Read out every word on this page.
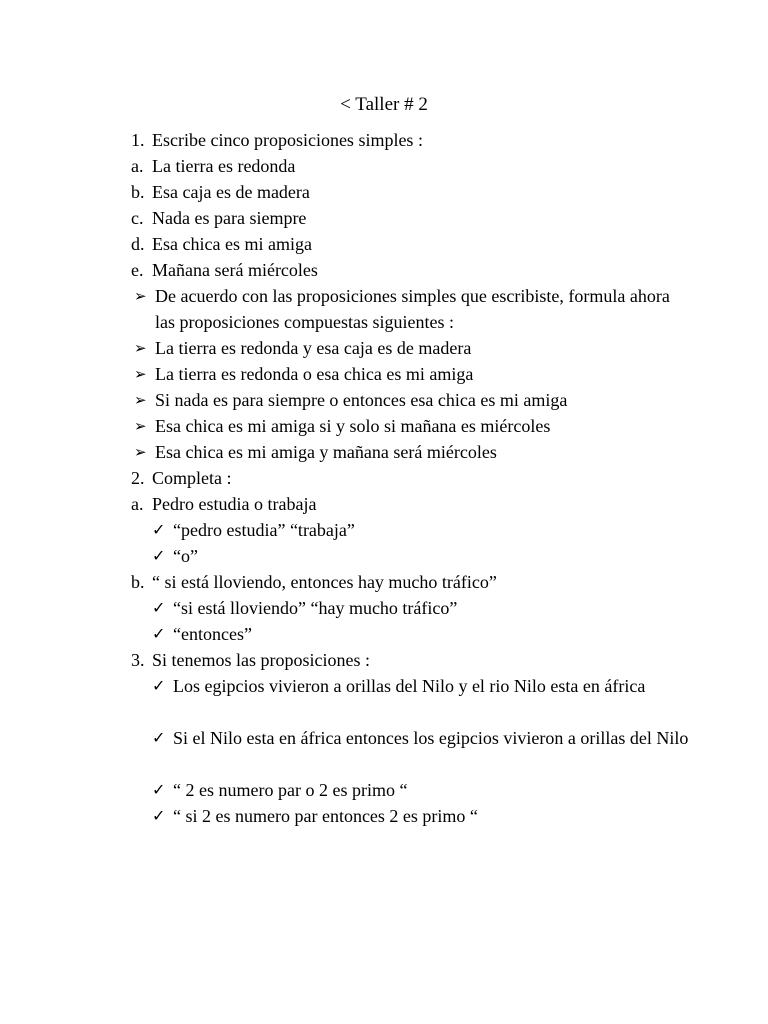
< Taller # 2
1. Escribe cinco proposiciones simples :
a. La tierra es redonda
b. Esa caja es de madera
c. Nada es para siempre
d. Esa chica es mi amiga
e. Mañana será miércoles
➢ De acuerdo con las proposiciones simples que escribiste, formula ahora las proposiciones compuestas siguientes :
➢ La tierra es redonda y esa caja es de madera
➢ La tierra es redonda o esa chica es mi amiga
➢ Si nada es para siempre o entonces esa chica es mi amiga
➢ Esa chica es mi amiga si y solo si mañana es miércoles
➢ Esa chica es mi amiga y mañana será miércoles
2. Completa :
a. Pedro estudia o trabaja
✓ “pedro estudia” “trabaja”
✓ “o”
b. “ si está lloviendo, entonces hay mucho tráfico”
✓ “si está lloviendo” “hay mucho tráfico”
✓ “entonces”
3. Si tenemos las proposiciones :
✓ Los egipcios vivieron a orillas del Nilo y el rio Nilo esta en áfrica
✓ Si el Nilo esta en áfrica entonces los egipcios vivieron a orillas del Nilo
✓ “ 2 es numero par o 2 es primo “
✓ “ si 2 es numero par entonces 2 es primo “
